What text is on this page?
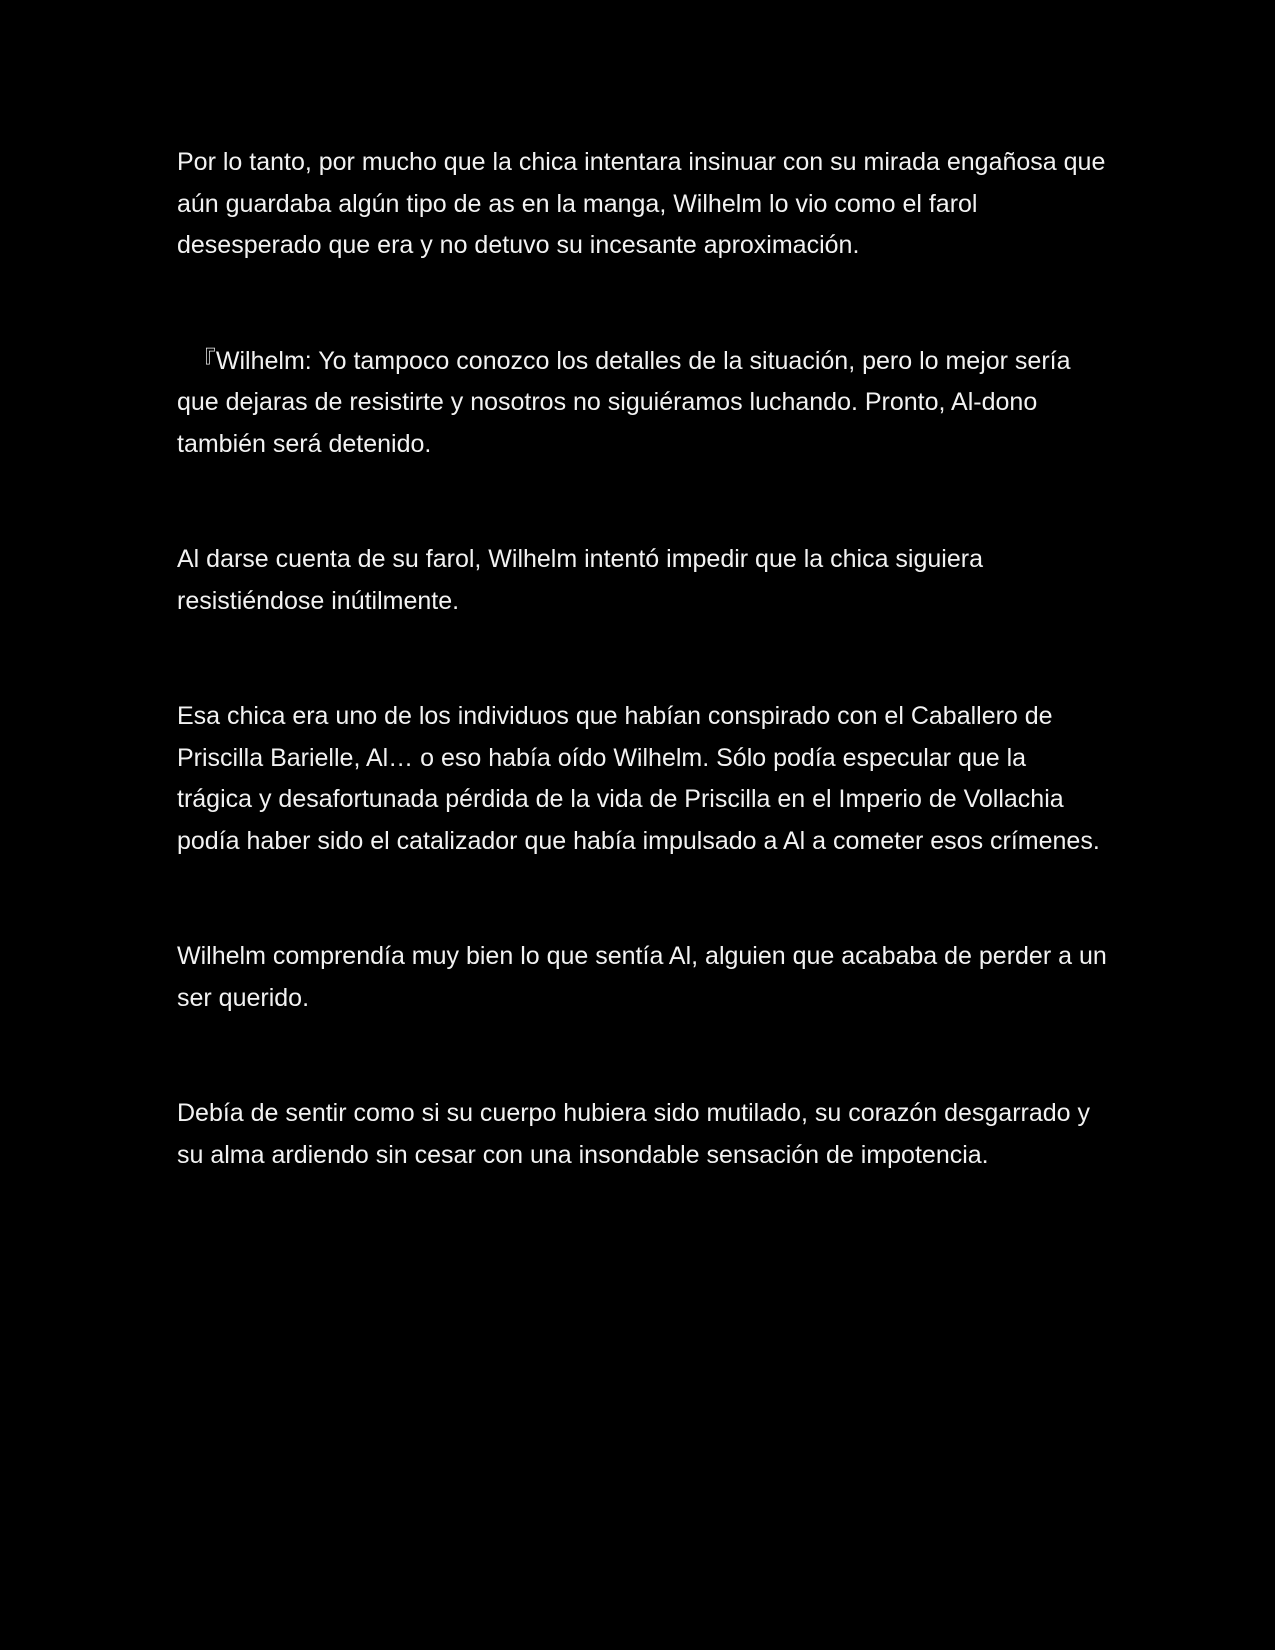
Por lo tanto, por mucho que la chica intentara insinuar con su mirada engañosa que aún guardaba algún tipo de as en la manga, Wilhelm lo vio como el farol desesperado que era y no detuvo su incesante aproximación.

『Wilhelm: Yo tampoco conozco los detalles de la situación, pero lo mejor sería que dejaras de resistirte y nosotros no siguiéramos luchando. Pronto, Al-dono también será detenido.

Al darse cuenta de su farol, Wilhelm intentó impedir que la chica siguiera resistiéndose inútilmente.

Esa chica era uno de los individuos que habían conspirado con el Caballero de Priscilla Barielle, Al… o eso había oído Wilhelm. Sólo podía especular que la trágica y desafortunada pérdida de la vida de Priscilla en el Imperio de Vollachia podía haber sido el catalizador que había impulsado a Al a cometer esos crímenes.

Wilhelm comprendía muy bien lo que sentía Al, alguien que acababa de perder a un ser querido.

Debía de sentir como si su cuerpo hubiera sido mutilado, su corazón desgarrado y su alma ardiendo sin cesar con una insondable sensación de impotencia.
